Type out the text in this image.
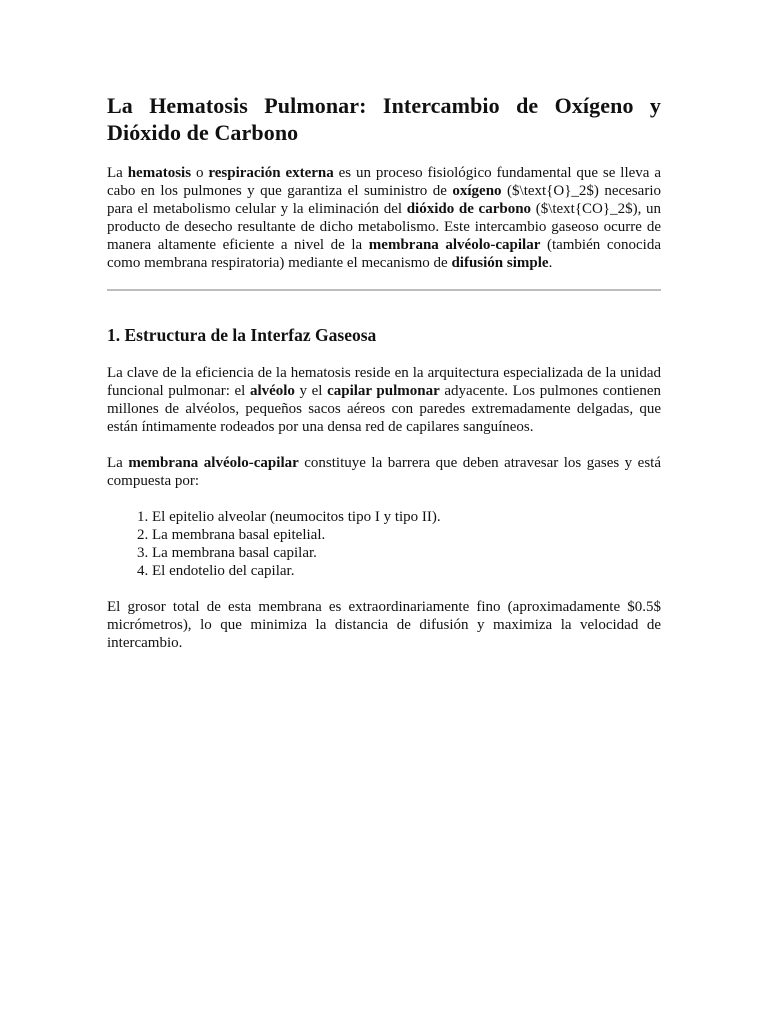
La Hematosis Pulmonar: Intercambio de Oxígeno y Dióxido de Carbono

La hematosis o respiración externa es un proceso fisiológico fundamental que se lleva a cabo en los pulmones y que garantiza el suministro de oxígeno ($\text{O}_2$) necesario para el metabolismo celular y la eliminación del dióxido de carbono ($\text{CO}_2$), un producto de desecho resultante de dicho metabolismo. Este intercambio gaseoso ocurre de manera altamente eficiente a nivel de la membrana alvéolo-capilar (también conocida como membrana respiratoria) mediante el mecanismo de difusión simple.

1. Estructura de la Interfaz Gaseosa

La clave de la eficiencia de la hematosis reside en la arquitectura especializada de la unidad funcional pulmonar: el alvéolo y el capilar pulmonar adyacente. Los pulmones contienen millones de alvéolos, pequeños sacos aéreos con paredes extremadamente delgadas, que están íntimamente rodeados por una densa red de capilares sanguíneos.

La membrana alvéolo-capilar constituye la barrera que deben atravesar los gases y está compuesta por:

1. El epitelio alveolar (neumocitos tipo I y tipo II).
2. La membrana basal epitelial.
3. La membrana basal capilar.
4. El endotelio del capilar.

El grosor total de esta membrana es extraordinariamente fino (aproximadamente $0.5$ micrómetros), lo que minimiza la distancia de difusión y maximiza la velocidad de intercambio.
